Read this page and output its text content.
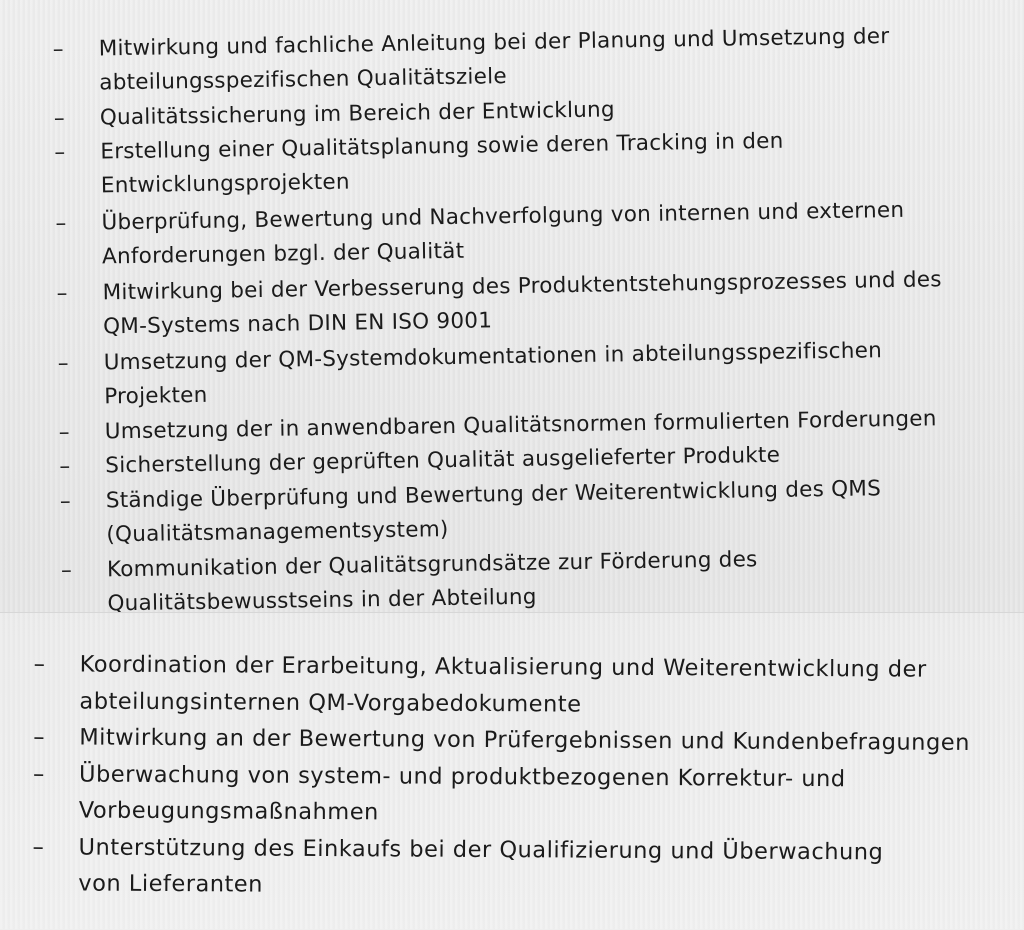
–	Mitwirkung und fachliche Anleitung bei der Planung und Umsetzung der
abteilungsspezifischen Qualitätsziele
–	Qualitätssicherung im Bereich der Entwicklung
–	Erstellung einer Qualitätsplanung sowie deren Tracking in den
Entwicklungsprojekten
–	Überprüfung, Bewertung und Nachverfolgung von internen und externen
Anforderungen bzgl. der Qualität
–	Mitwirkung bei der Verbesserung des Produktentstehungsprozesses und des
QM-Systems nach DIN EN ISO 9001
–	Umsetzung der QM-Systemdokumentationen in abteilungsspezifischen
Projekten
–	Umsetzung der in anwendbaren Qualitätsnormen formulierten Forderungen
–	Sicherstellung der geprüften Qualität ausgelieferter Produkte
–	Ständige Überprüfung und Bewertung der Weiterentwicklung des QMS
(Qualitätsmanagementsystem)
–	Kommunikation der Qualitätsgrundsätze zur Förderung des
Qualitätsbewusstseins in der Abteilung
–	Koordination der Erarbeitung, Aktualisierung und Weiterentwicklung der
abteilungsinternen QM-Vorgabedokumente
–	Mitwirkung an der Bewertung von Prüfergebnissen und Kundenbefragungen
–	Überwachung von system- und produktbezogenen Korrektur- und
Vorbeugungsmaßnahmen
–	Unterstützung des Einkaufs bei der Qualifizierung und Überwachung
von Lieferanten
